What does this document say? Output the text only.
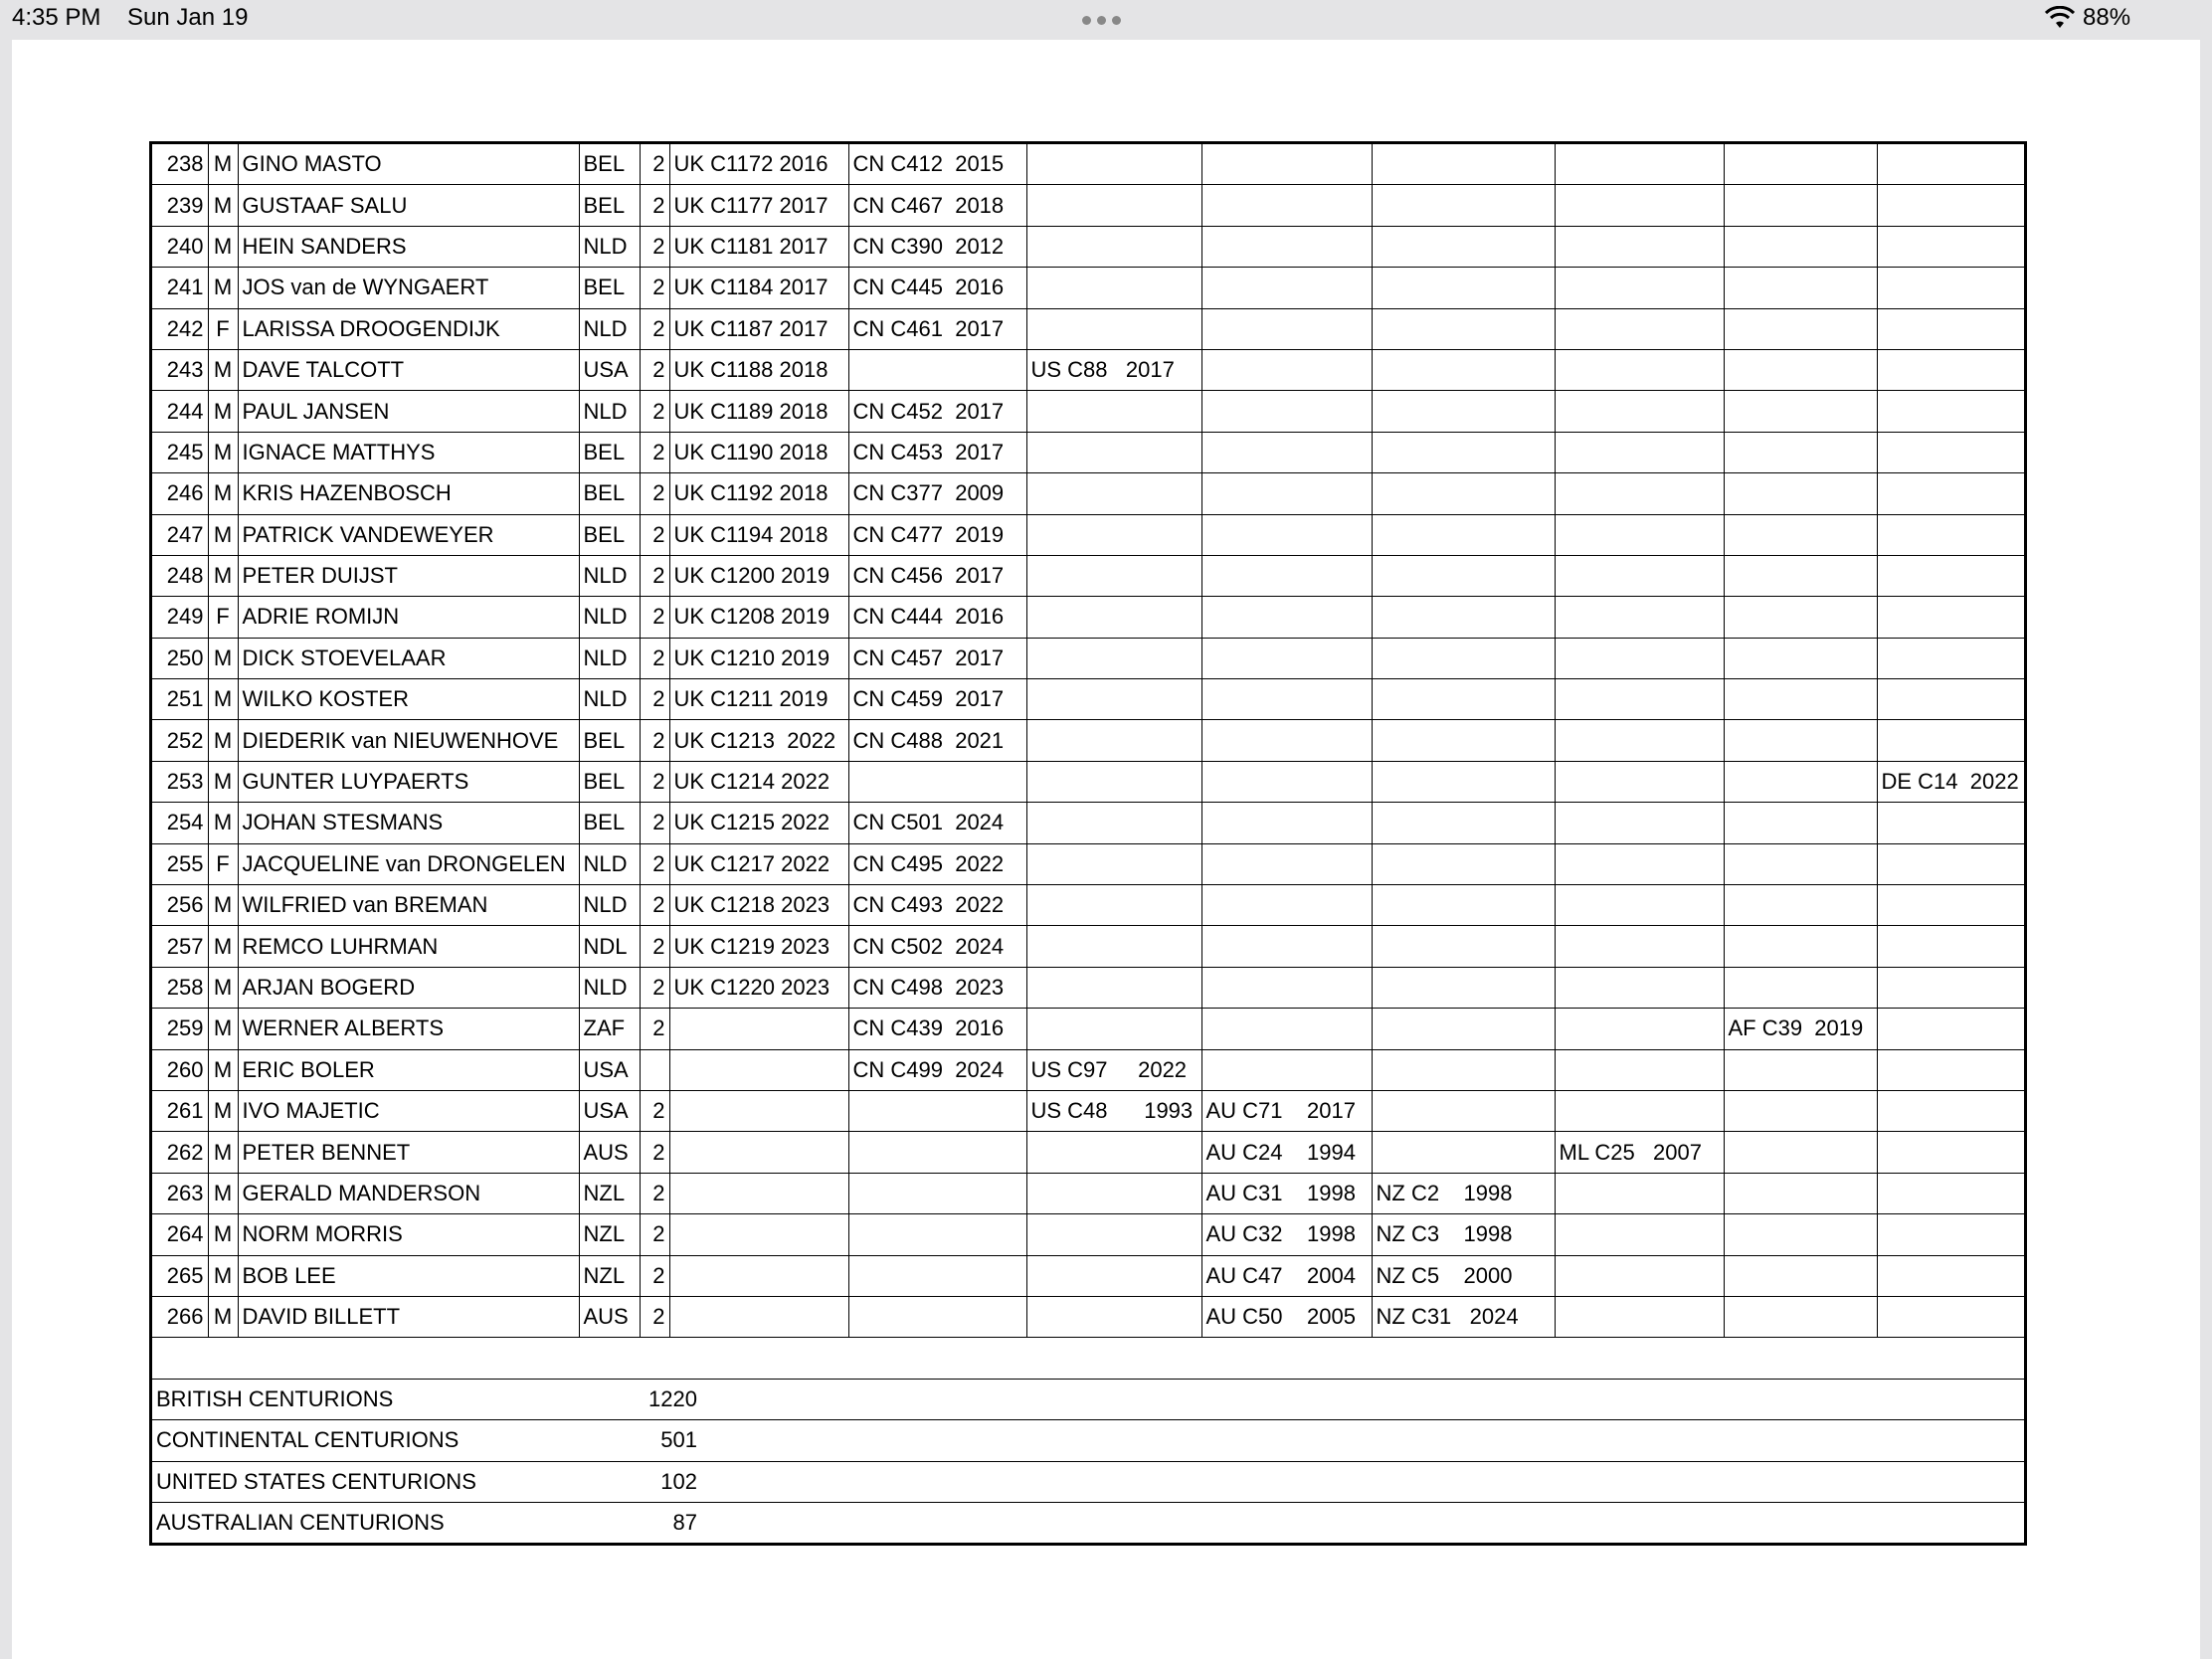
4:35 PM Sun Jan 19	88%
238	M	GINO MASTO	BEL	2	UK C1172 2016	CN C412  2015						
239	M	GUSTAAF SALU	BEL	2	UK C1177 2017	CN C467  2018						
240	M	HEIN SANDERS	NLD	2	UK C1181 2017	CN C390  2012						
241	M	JOS van de WYNGAERT	BEL	2	UK C1184 2017	CN C445  2016						
242	F	LARISSA DROOGENDIJK	NLD	2	UK C1187 2017	CN C461  2017						
243	M	DAVE TALCOTT	USA	2	UK C1188 2018		US C88   2017					
244	M	PAUL JANSEN	NLD	2	UK C1189 2018	CN C452  2017						
245	M	IGNACE MATTHYS	BEL	2	UK C1190 2018	CN C453  2017						
246	M	KRIS HAZENBOSCH	BEL	2	UK C1192 2018	CN C377  2009						
247	M	PATRICK VANDEWEYER	BEL	2	UK C1194 2018	CN C477  2019						
248	M	PETER DUIJST	NLD	2	UK C1200 2019	CN C456  2017						
249	F	ADRIE ROMIJN	NLD	2	UK C1208 2019	CN C444  2016						
250	M	DICK STOEVELAAR	NLD	2	UK C1210 2019	CN C457  2017						
251	M	WILKO KOSTER	NLD	2	UK C1211 2019	CN C459  2017						
252	M	DIEDERIK van NIEUWENHOVE	BEL	2	UK C1213  2022	CN C488  2021						
253	M	GUNTER LUYPAERTS	BEL	2	UK C1214 2022							DE C14  2022
254	M	JOHAN STESMANS	BEL	2	UK C1215 2022	CN C501  2024						
255	F	JACQUELINE van DRONGELEN	NLD	2	UK C1217 2022	CN C495  2022						
256	M	WILFRIED van BREMAN	NLD	2	UK C1218 2023	CN C493  2022						
257	M	REMCO LUHRMAN	NDL	2	UK C1219 2023	CN C502  2024						
258	M	ARJAN BOGERD	NLD	2	UK C1220 2023	CN C498  2023						
259	M	WERNER ALBERTS	ZAF	2		CN C439  2016					AF C39  2019	
260	M	ERIC BOLER	USA			CN C499  2024	US C97     2022					
261	M	IVO MAJETIC	USA	2			US C48      1993	AU C71    2017				
262	M	PETER BENNET	AUS	2				AU C24    1994		ML C25   2007		
263	M	GERALD MANDERSON	NZL	2				AU C31    1998	NZ C2    1998			
264	M	NORM MORRIS	NZL	2				AU C32    1998	NZ C3    1998			
265	M	BOB LEE	NZL	2				AU C47    2004	NZ C5    2000			
266	M	DAVID BILLETT	AUS	2				AU C50    2005	NZ C31   2024			

BRITISH CENTURIONS				1220								
CONTINENTAL CENTURIONS				501								
UNITED STATES CENTURIONS				102								
AUSTRALIAN CENTURIONS				87								
